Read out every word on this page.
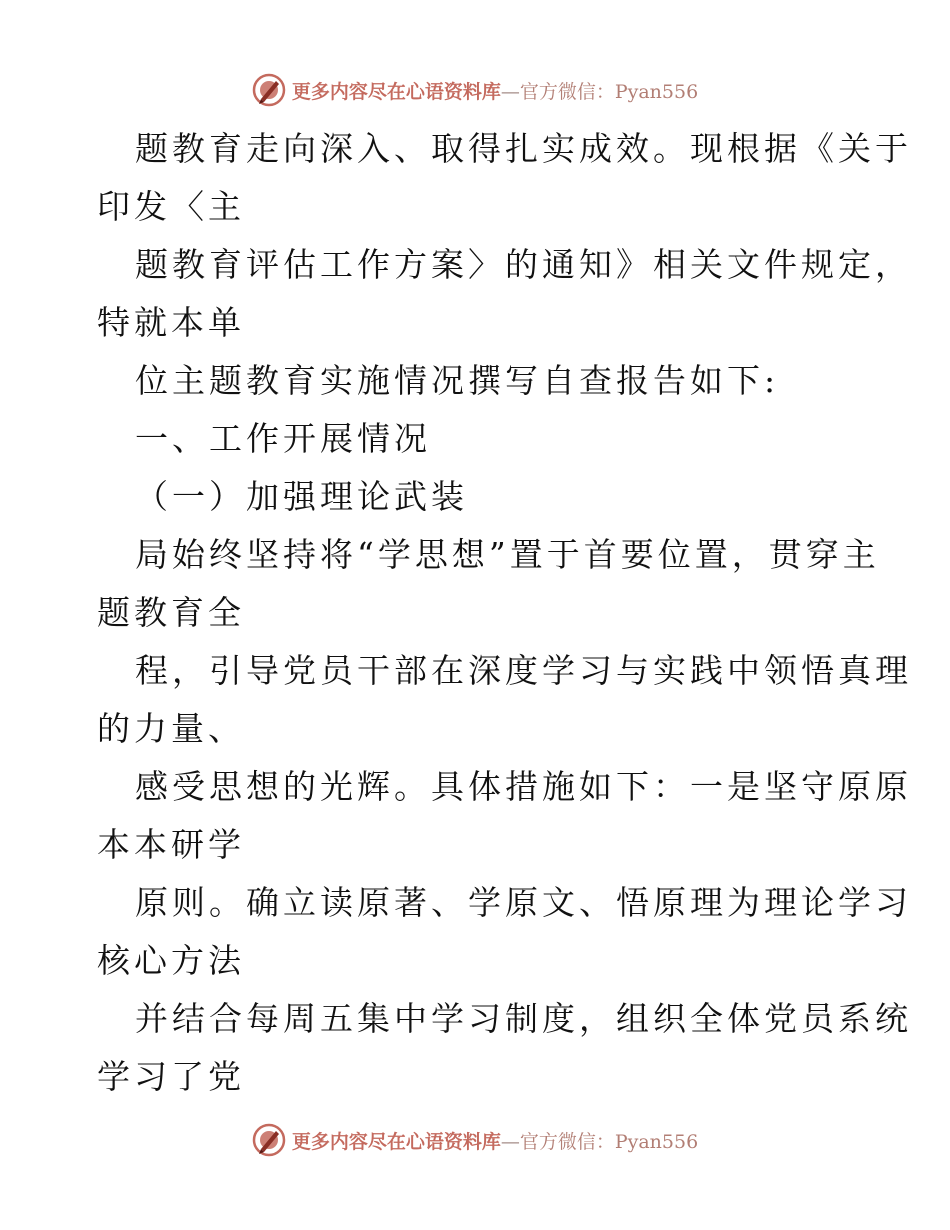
更多内容尽在心语资料库—官方微信：Pyan556
题教育走向深入、取得扎实成效。现根据《关于
印发〈主
题教育评估工作方案〉的通知》相关文件规定，
特就本单
位主题教育实施情况撰写自查报告如下:
一、工作开展情况
（一）加强理论武装
局始终坚持将“学思想”置于首要位置，贯穿主
题教育全
程，引导党员干部在深度学习与实践中领悟真理
的力量、
感受思想的光辉。具体措施如下：一是坚守原原
本本研学
原则。确立读原著、学原文、悟原理为理论学习
核心方法
并结合每周五集中学习制度，组织全体党员系统
学习了党
更多内容尽在心语资料库—官方微信：Pyan556
